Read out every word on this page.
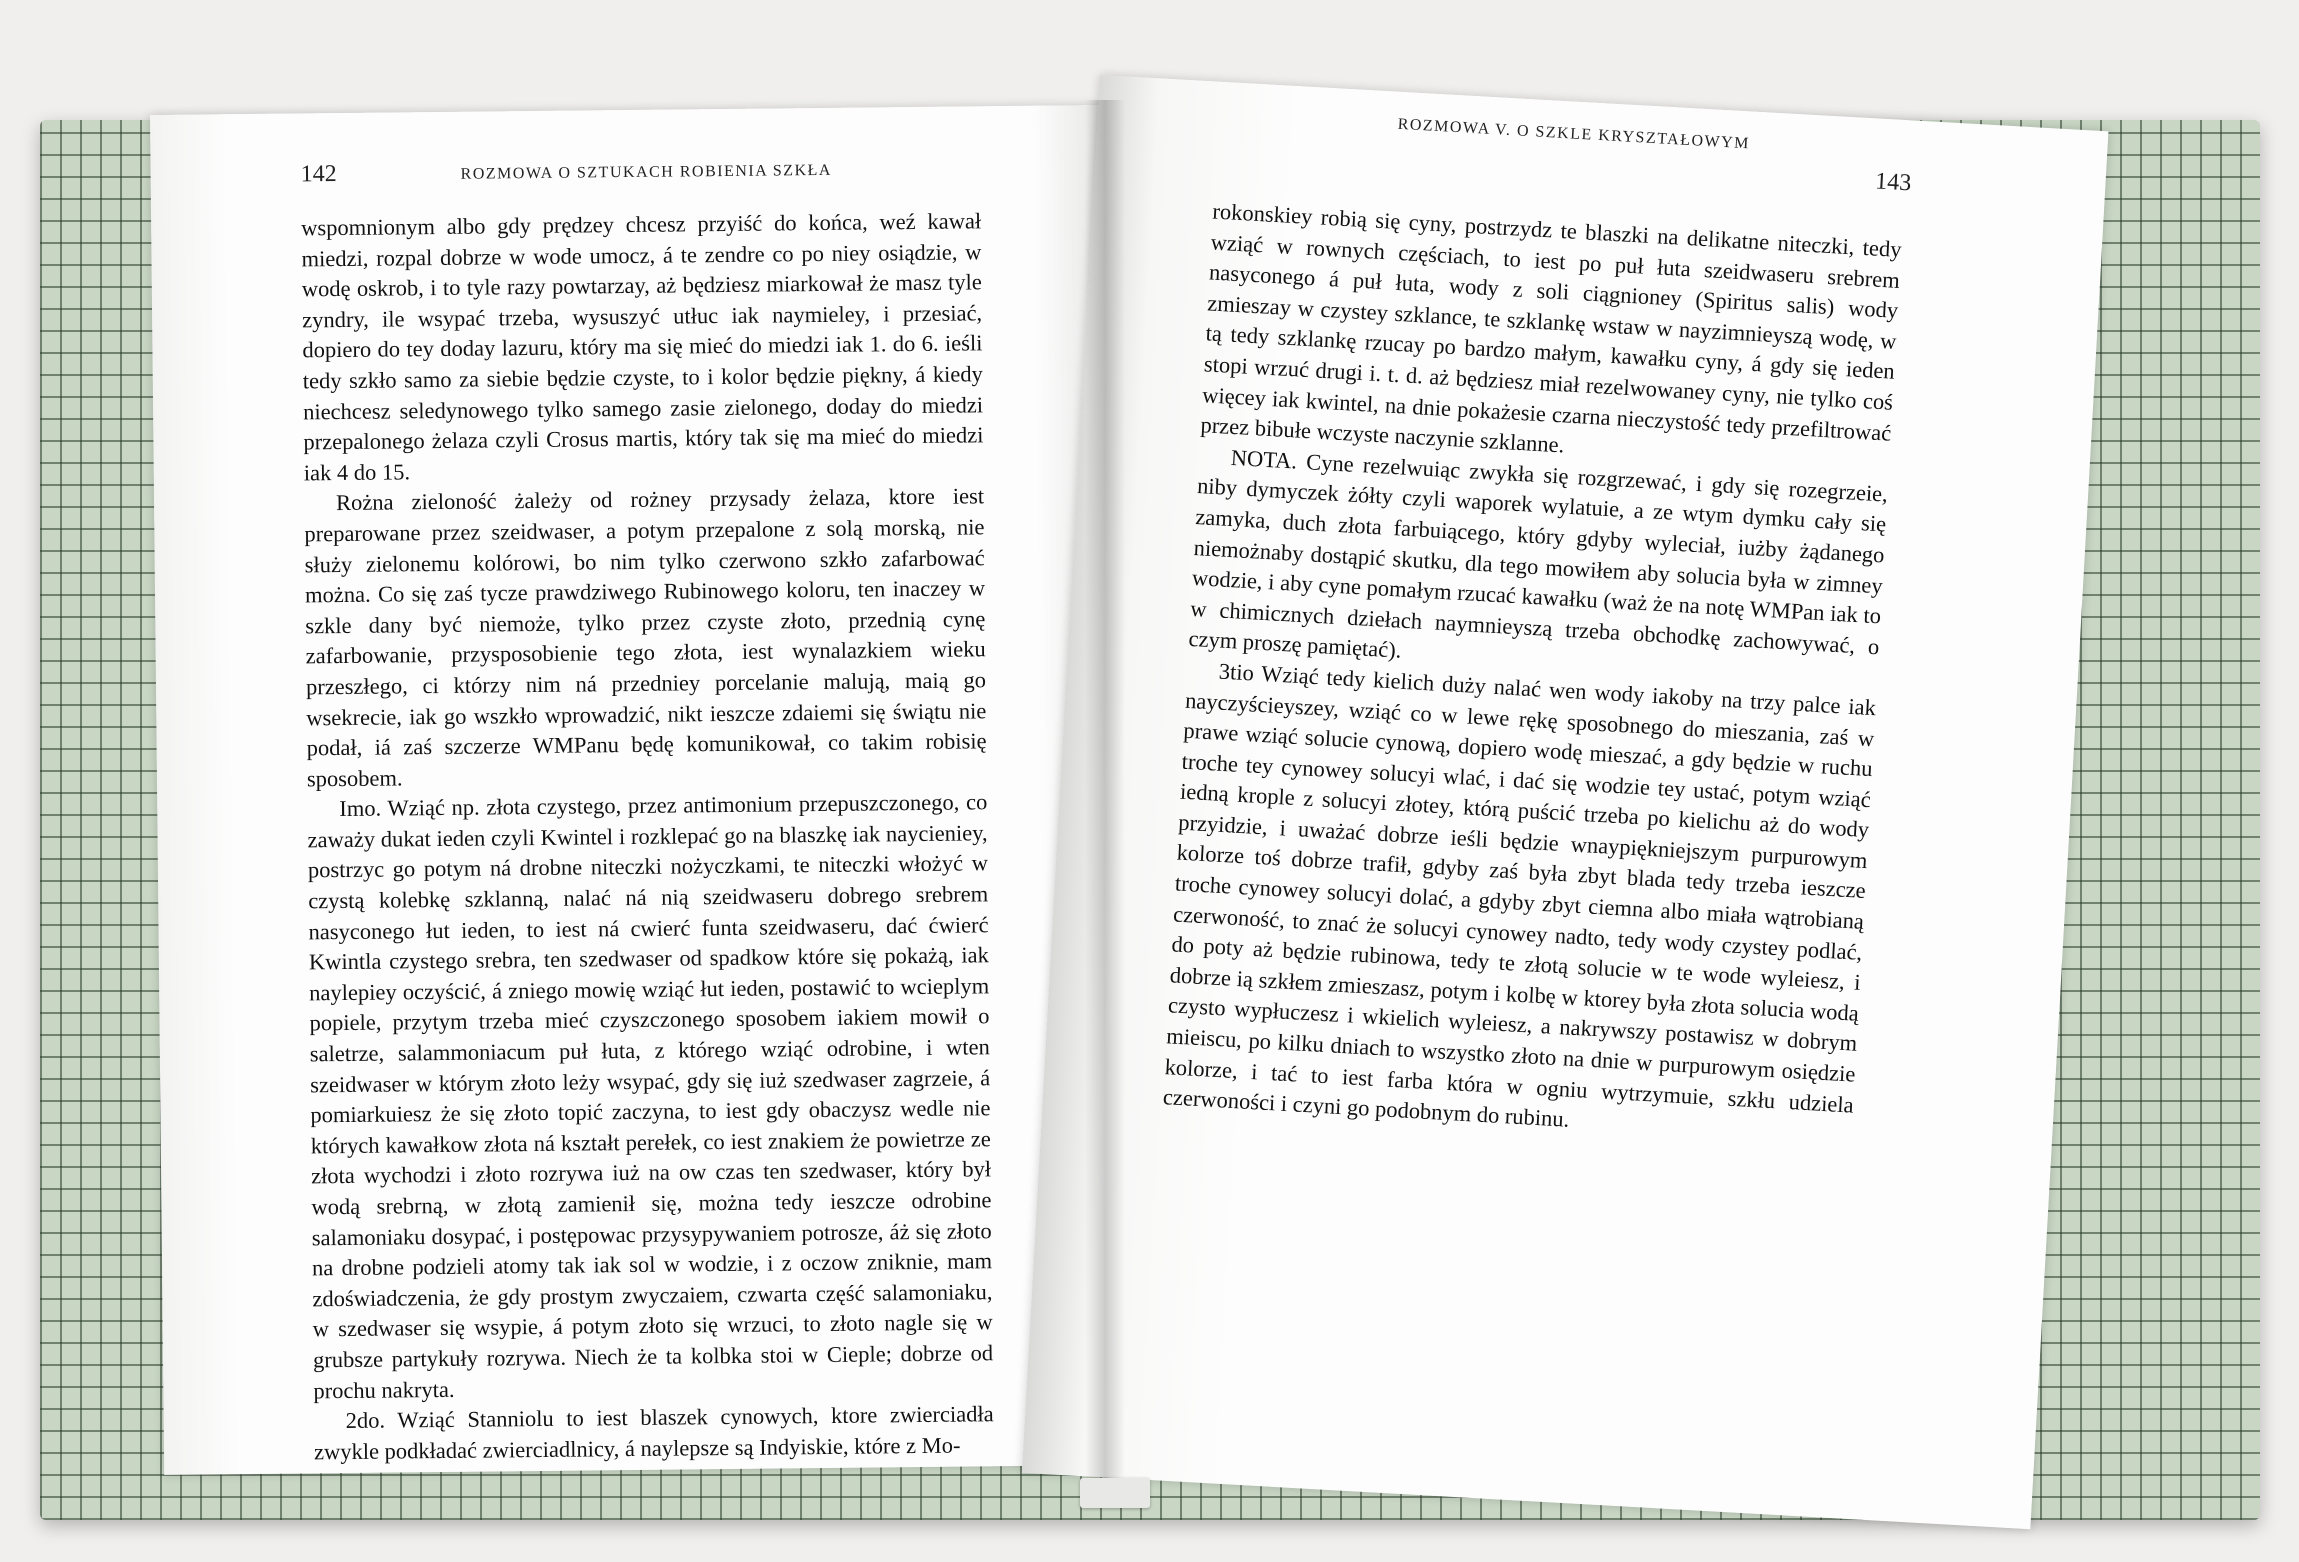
142	ROZMOWA O SZTUKACH ROBIENIA SZKŁA

wspomnionym albo gdy prędzey chcesz przyiść do końca, weź kawał miedzi, rozpal dobrze w wode umocz, á te zendre co po niey osiądzie, w wodę oskrob, i to tyle razy powtarzay, aż będziesz miarkował że masz tyle zyndry, ile wsypać trzeba, wysuszyć utłuc iak naymieley, i przesiać, dopiero do tey doday lazuru, który ma się mieć do miedzi iak 1. do 6. ieśli tedy szkło samo za siebie będzie czyste, to i kolor będzie piękny, á kiedy niechcesz seledynowego tylko samego zasie zielonego, doday do miedzi przepalonego żelaza czyli Crosus martis, który tak się ma mieć do miedzi iak 4 do 15.

Rożna zieloność żależy od rożney przysady żelaza, ktore iest preparowane przez szeidwaser, a potym przepalone z solą morską, nie służy zielonemu kolórowi, bo nim tylko czerwono szkło zafarbować można. Co się zaś tycze prawdziwego Rubinowego koloru, ten inaczey w szkle dany być niemoże, tylko przez czyste złoto, przednią cynę zafarbowanie, przysposobienie tego złota, iest wynalazkiem wieku przeszłego, ci którzy nim ná przedniey porcelanie malują, maią go wsekrecie, iak go wszkło wprowadzić, nikt ieszcze zdaiemi się świątu nie podał, iá zaś szczerze WMPanu będę komunikował, co takim robisię sposobem.

Imo. Wziąć np. złota czystego, przez antimonium przepuszczonego, co zaważy dukat ieden czyli Kwintel i rozklepać go na blaszkę iak naycieniey, postrzyc go potym ná drobne niteczki nożyczkami, te niteczki włożyć w czystą kolebkę szklanną, nalać ná nią szeidwaseru dobrego srebrem nasyconego łut ieden, to iest ná cwierć funta szeidwaseru, dać ćwierć Kwintla czystego srebra, ten szedwaser od spadkow które się pokażą, iak naylepiey oczyścić, á zniego mowię wziąć łut ieden, postawić to wcieplym popiele, przytym trzeba mieć czyszczonego sposobem iakiem mowił o saletrze, salammoniacum puł łuta, z którego wziąć odrobine, i wten szeidwaser w którym złoto leży wsypać, gdy się iuż szedwaser zagrzeie, á pomiarkuiesz że się złoto topić zaczyna, to iest gdy obaczysz wedle nie których kawałkow złota ná kształt perełek, co iest znakiem że powietrze ze złota wychodzi i złoto rozrywa iuż na ow czas ten szedwaser, który był wodą srebrną, w złotą zamienił się, można tedy ieszcze odrobine salamoniaku dosypać, i postępowac przysypywaniem potrosze, áż się złoto na drobne podzieli atomy tak iak sol w wodzie, i z oczow zniknie, mam zdoświadczenia, że gdy prostym zwyczaiem, czwarta część salamoniaku, w szedwaser się wsypie, á potym złoto się wrzuci, to złoto nagle się w grubsze partykuły rozrywa. Niech że ta kolbka stoi w Cieple; dobrze od prochu nakryta.

2do. Wziąć Stanniolu to iest blaszek cynowych, ktore zwierciadła zwykle podkładać zwierciadlnicy, á naylepsze są Indyiskie, które z Mo-

ROZMOWA V. O SZKLE KRYSZTAŁOWYM
143

rokonskiey robią się cyny, postrzydz te blaszki na delikatne niteczki, tedy wziąć w rownych częściach, to iest po puł łuta szeidwaseru srebrem nasyconego á puł łuta, wody z soli ciągnioney (Spiritus salis) wody zmieszay w czystey szklance, te szklankę wstaw w nayzimnieyszą wodę, w tą tedy szklankę rzucay po bardzo małym, kawałku cyny, á gdy się ieden stopi wrzuć drugi i. t. d. aż będziesz miał rezelwowaney cyny, nie tylko coś więcey iak kwintel, na dnie pokażesie czarna nieczystość tedy przefiltrować przez bibułe wczyste naczynie szklanne.

NOTA. Cyne rezelwuiąc zwykła się rozgrzewać, i gdy się rozegrzeie, niby dymyczek żółty czyli waporek wylatuie, a ze wtym dymku cały się zamyka, duch złota farbuiącego, który gdyby wyleciał, iużby żądanego niemożnaby dostąpić skutku, dla tego mowiłem aby solucia była w zimney wodzie, i aby cyne pomałym rzucać kawałku (waż że na notę WMPan iak to w chimicznych dziełach naymnieyszą trzeba obchodkę zachowywać, o czym proszę pamiętać).

3tio Wziąć tedy kielich duży nalać wen wody iakoby na trzy palce iak nayczyścieyszey, wziąć co w lewe rękę sposobnego do mieszania, zaś w prawe wziąć solucie cynową, dopiero wodę mieszać, a gdy będzie w ruchu troche tey cynowey solucyi wlać, i dać się wodzie tey ustać, potym wziąć iedną krople z solucyi złotey, którą puścić trzeba po kielichu aż do wody przyidzie, i uważać dobrze ieśli będzie wnaypiękniejszym purpurowym kolorze toś dobrze trafił, gdyby zaś była zbyt blada tedy trzeba ieszcze troche cynowey solucyi dolać, a gdyby zbyt ciemna albo miała wątrobianą czerwoność, to znać że solucyi cynowey nadto, tedy wody czystey podlać, do poty aż będzie rubinowa, tedy te złotą solucie w te wode wyleiesz, i dobrze ią szkłem zmieszasz, potym i kolbę w ktorey była złota solucia wodą czysto wypłuczesz i wkielich wyleiesz, a nakrywszy postawisz w dobrym mieiscu, po kilku dniach to wszystko złoto na dnie w purpurowym osiędzie kolorze, i tać to iest farba która w ogniu wytrzymuie, szkłu udziela czerwoności i czyni go podobnym do rubinu.
